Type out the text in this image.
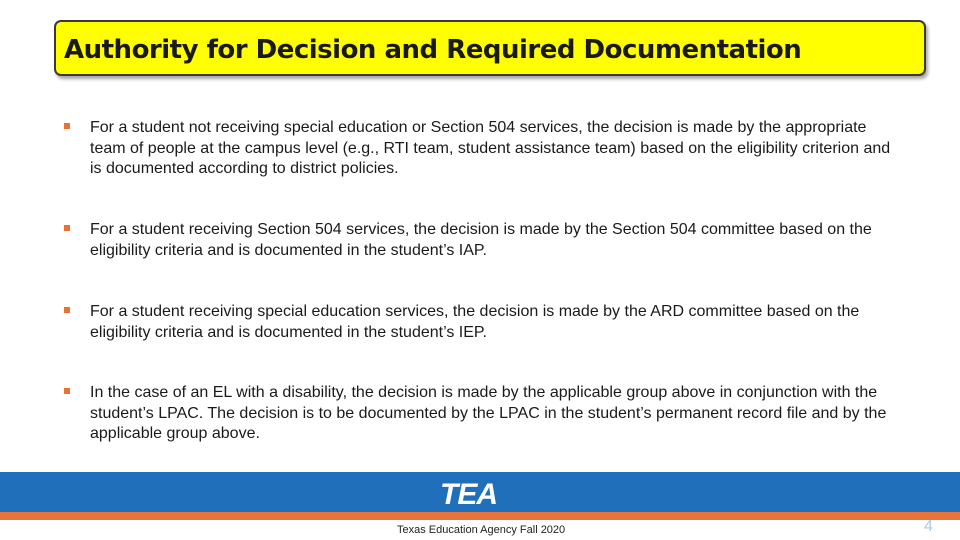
Authority for Decision and Required Documentation
For a student not receiving special education or Section 504 services, the decision is made by the appropriate team of people at the campus level (e.g., RTI team, student assistance team) based on the eligibility criterion and is documented according to district policies.
For a student receiving Section 504 services, the decision is made by the Section 504 committee based on the eligibility criteria and is documented in the student’s IAP.
For a student receiving special education services, the decision is made by the ARD committee based on the eligibility criteria and is documented in the student’s IEP.
In the case of an EL with a disability, the decision is made by the applicable group above in conjunction with the student’s LPAC. The decision is to be documented by the LPAC in the student’s permanent record file and by the applicable group above.
TEA
Texas Education Agency Fall 2020	4
